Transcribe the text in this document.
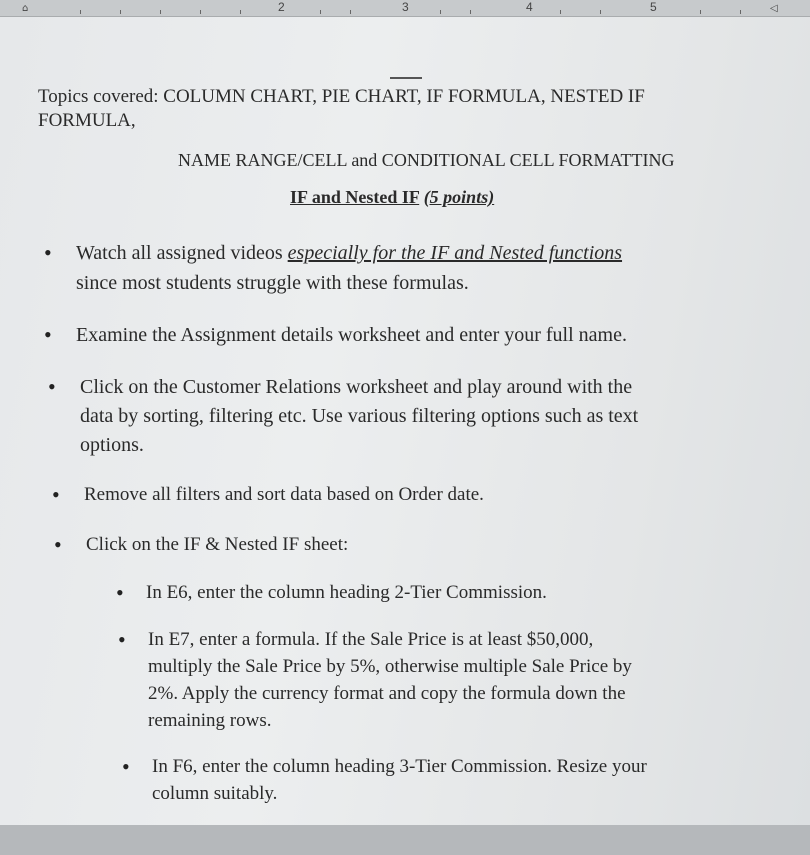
⌂	2	3	4	5	◁
Topics covered: COLUMN CHART, PIE CHART, IF FORMULA, NESTED IF
FORMULA,
NAME RANGE/CELL and CONDITIONAL CELL FORMATTING
IF and Nested IF (5 points)
• Watch all assigned videos especially for the IF and Nested functions
since most students struggle with these formulas.
• Examine the Assignment details worksheet and enter your full name.
• Click on the Customer Relations worksheet and play around with the
data by sorting, filtering etc. Use various filtering options such as text
options.
• Remove all filters and sort data based on Order date.
• Click on the IF & Nested IF sheet:
• In E6, enter the column heading 2-Tier Commission.
• In E7, enter a formula. If the Sale Price is at least $50,000,
multiply the Sale Price by 5%, otherwise multiple Sale Price by
2%. Apply the currency format and copy the formula down the
remaining rows.
• In F6, enter the column heading 3-Tier Commission. Resize your
column suitably.
